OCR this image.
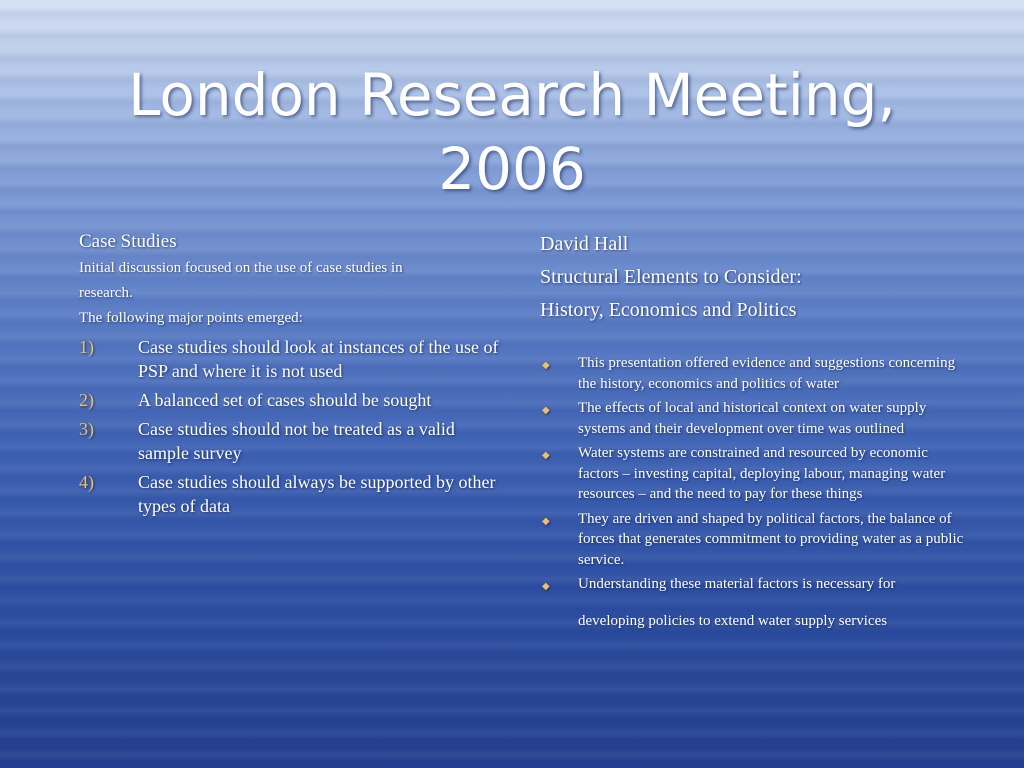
London Research Meeting,
2006

Case Studies

Initial discussion focused on the use of case studies in

research.

The following major points emerged:

1) Case studies should look at instances of the use of PSP and where it is not used
2) A balanced set of cases should be sought
3) Case studies should not be treated as a valid sample survey
4) Case studies should always be supported by other types of data

David Hall

Structural Elements to Consider:

History, Economics and Politics

◆ This presentation offered evidence and suggestions concerning the history, economics and politics of water
◆ The effects of local and historical context on water supply systems and their development over time was outlined
◆ Water systems are constrained and resourced by economic factors – investing capital, deploying labour, managing water resources – and the need to pay for these things
◆ They are driven and shaped by political factors, the balance of forces that generates commitment to providing water as a public service.
◆ Understanding these material factors is necessary for
developing policies to extend water supply services
